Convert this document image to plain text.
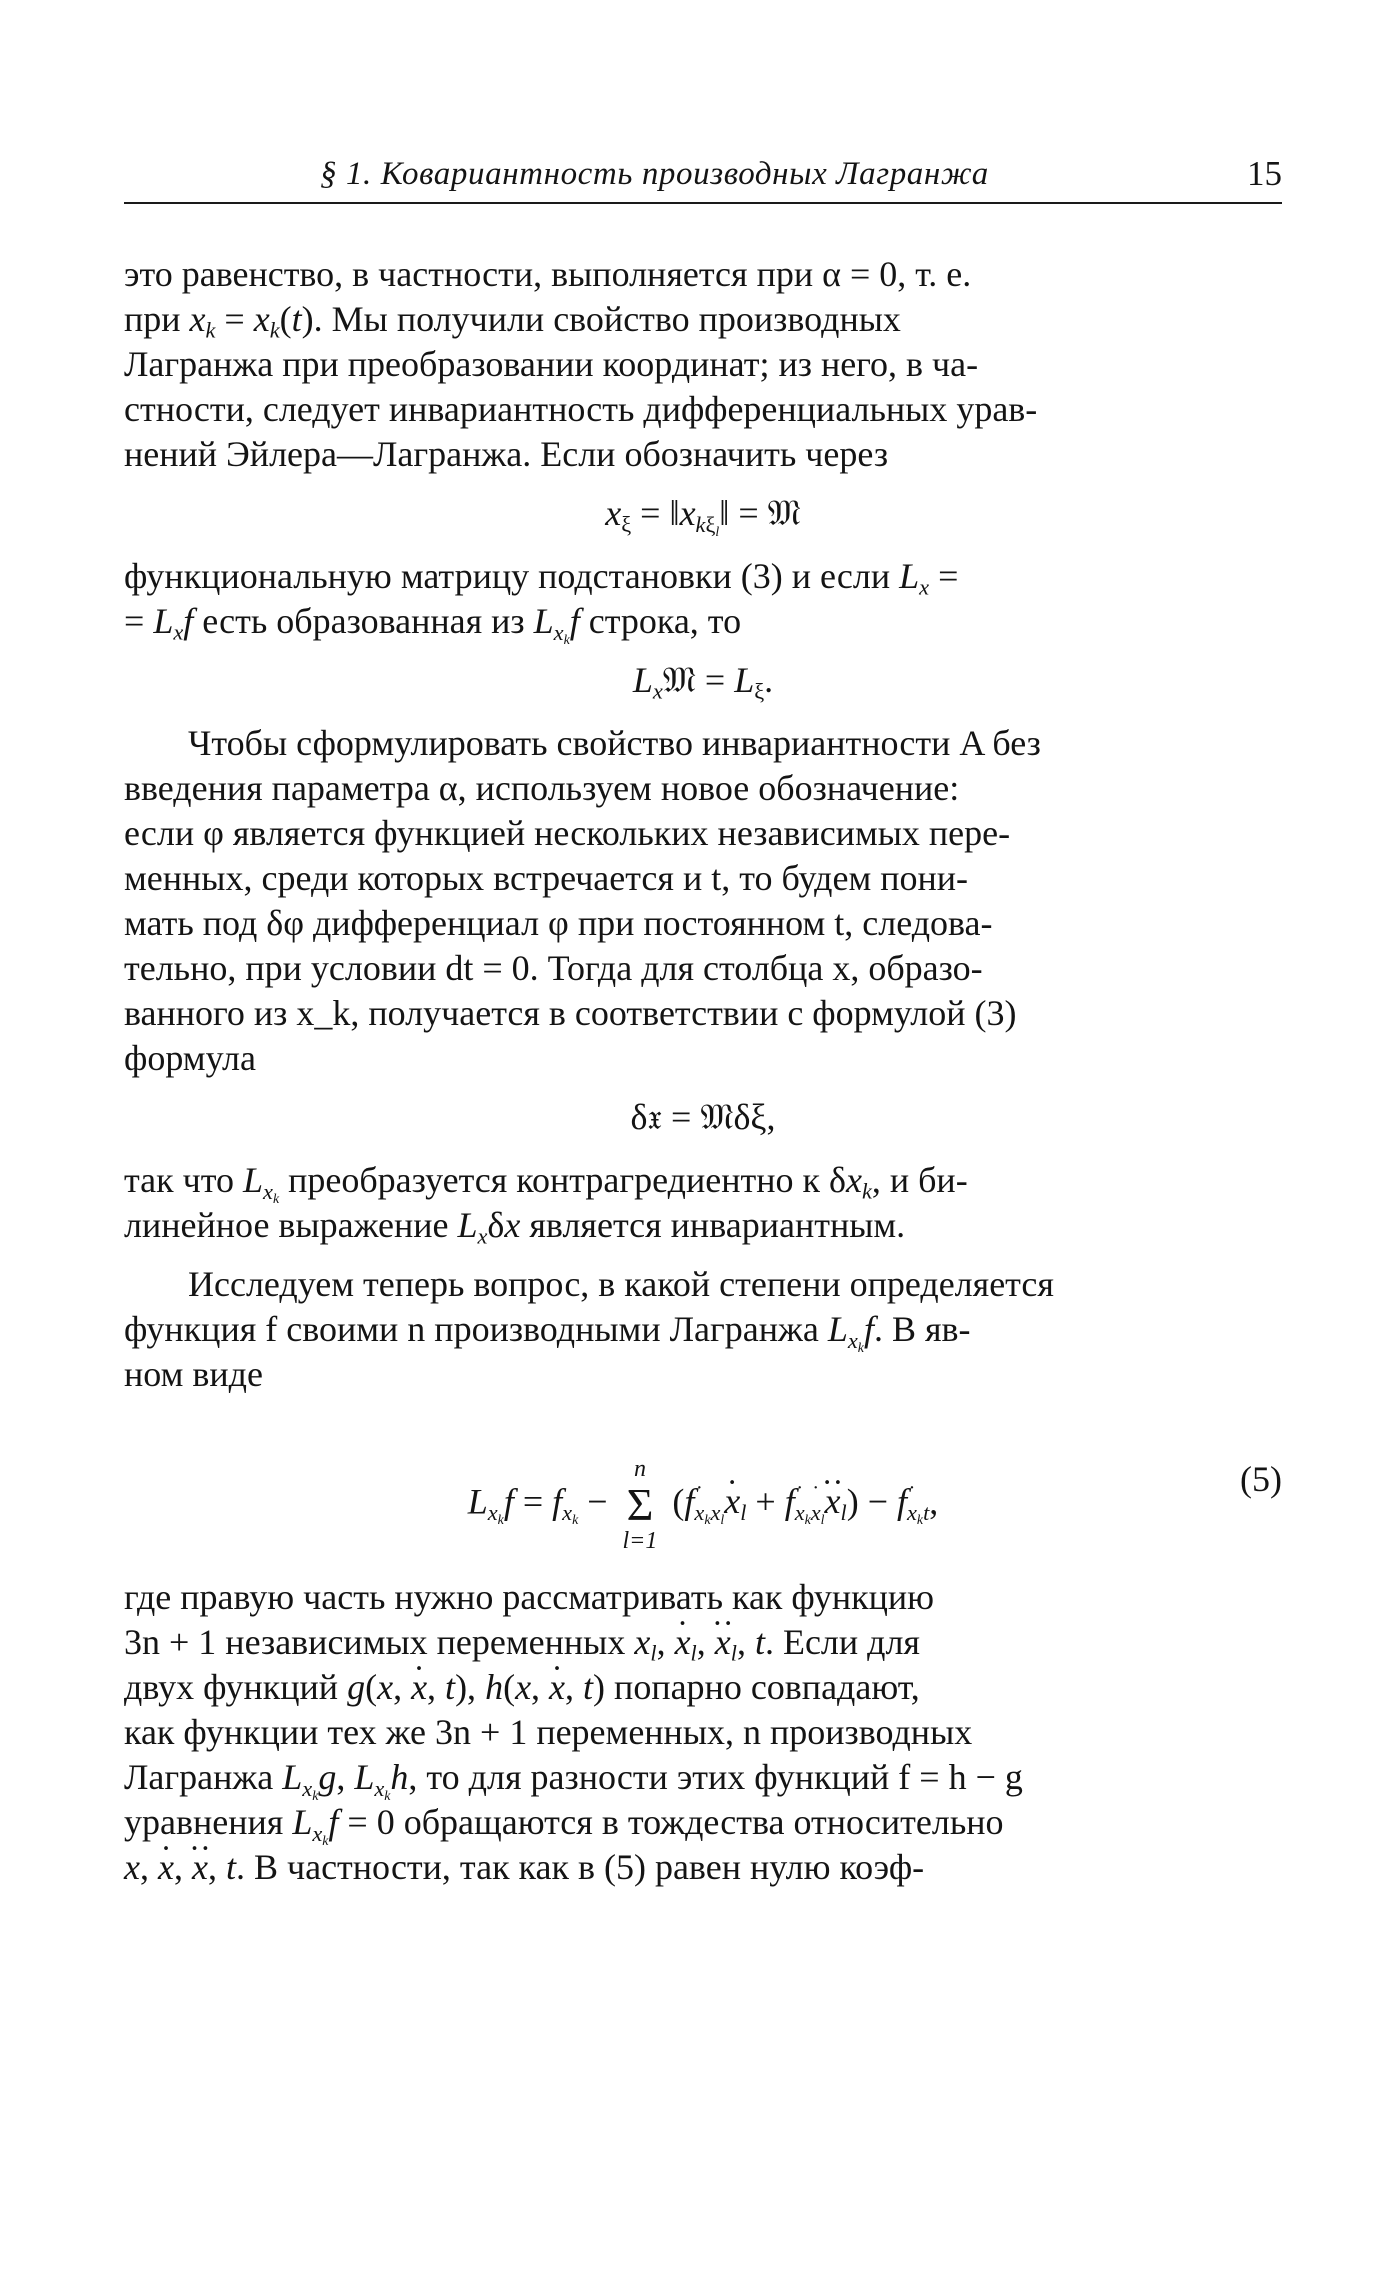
§ 1. Ковариантность производных Лагранжа	15

это равенство, в частности, выполняется при α = 0, т. е.
при $x_k = x_k(t)$. Мы получили свойство производных
Лагранжа при преобразовании координат; из него, в ча-
стности, следует инвариантность дифференциальных урав-
нений Эйлера—Лагранжа. Если обозначить через

$x_\xi$ = $‖x_{k\xi_l}‖$ = 𝔐

функциональную матрицу подстановки (3) и если $L_x$ =
= $L_xf$ есть образованная из $L_{x_k}f$ строка, то

$L_x𝔐 = L_\xi$.

Чтобы сформулировать свойство инвариантности A без
введения параметра α, используем новое обозначение:
если φ является функцией нескольких независимых пере-
менных, среди которых встречается и t, то будем пони-
мать под δφ дифференциал φ при постоянном t, следова-
тельно, при условии dt = 0. Тогда для столбца x, образо-
ванного из x_k, получается в соответствии с формулой (3)
формула

δ𝔵 = 𝔐δξ,

так что $L_{x_k}$ преобразуется контрагредиентно к $\delta x_k$, и би-
линейное выражение $L_x\delta x$ является инвариантным.

Исследуем теперь вопрос, в какой степени определяется
функция f своими n производными Лагранжа $L_{x_k}f$. В яв-
ном виде

$L_{x_k}f = f_{x_k}$ −
n
Σ
l=1
$(f\cdot _{x_kx_l}\cdot x_l + f\cdot _{x_k\cdot x_l}\cdot\cdot x_l) - f\cdot _{x_kt}$,
(5)

где правую часть нужно рассматривать как функцию
3n + 1 независимых переменных $x_l$, · $x_l$, ·· $x_l$, t. Если для
двух функций g(x, · x, t), h(x, · x, t) попарно совпадают,
как функции тех же 3n + 1 переменных, n производных
Лагранжа $L_{x_k}g$, $L_{x_k}h$, то для разности этих функций f = h − g
уравнения $L_{x_k}f = 0$ обращаются в тождества относительно
x, · x, ·· x, t. В частности, так как в (5) равен нулю коэф-
